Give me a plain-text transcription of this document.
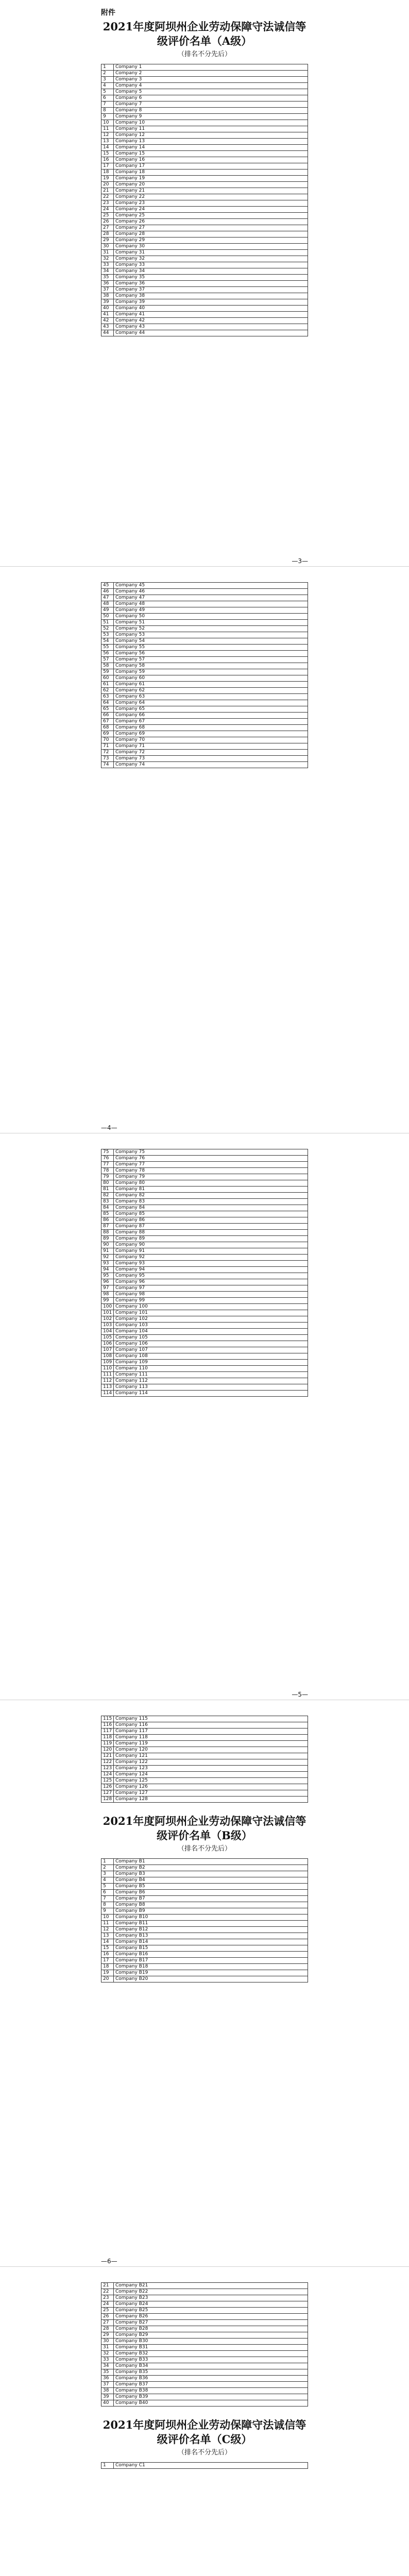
附件
2021年度阿坝州企业劳动保障守法诚信等级评价名单（A级）
（排名不分先后）
1	Company 1
2	Company 2
3	Company 3
4	Company 4
5	Company 5
6	Company 6
7	Company 7
8	Company 8
9	Company 9
10	Company 10
11	Company 11
12	Company 12
13	Company 13
14	Company 14
15	Company 15
16	Company 16
17	Company 17
18	Company 18
19	Company 19
20	Company 20
21	Company 21
22	Company 22
23	Company 23
24	Company 24
25	Company 25
26	Company 26
27	Company 27
28	Company 28
29	Company 29
30	Company 30
31	Company 31
32	Company 32
33	Company 33
34	Company 34
35	Company 35
36	Company 36
37	Company 37
38	Company 38
39	Company 39
40	Company 40
41	Company 41
42	Company 42
43	Company 43
44	Company 44
—3—
45	Company 45
46	Company 46
47	Company 47
48	Company 48
49	Company 49
50	Company 50
51	Company 51
52	Company 52
53	Company 53
54	Company 54
55	Company 55
56	Company 56
57	Company 57
58	Company 58
59	Company 59
60	Company 60
61	Company 61
62	Company 62
63	Company 63
64	Company 64
65	Company 65
66	Company 66
67	Company 67
68	Company 68
69	Company 69
70	Company 70
71	Company 71
72	Company 72
73	Company 73
74	Company 74
—4—
75	Company 75
76	Company 76
77	Company 77
78	Company 78
79	Company 79
80	Company 80
81	Company 81
82	Company 82
83	Company 83
84	Company 84
85	Company 85
86	Company 86
87	Company 87
88	Company 88
89	Company 89
90	Company 90
91	Company 91
92	Company 92
93	Company 93
94	Company 94
95	Company 95
96	Company 96
97	Company 97
98	Company 98
99	Company 99
100	Company 100
101	Company 101
102	Company 102
103	Company 103
104	Company 104
105	Company 105
106	Company 106
107	Company 107
108	Company 108
109	Company 109
110	Company 110
111	Company 111
112	Company 112
113	Company 113
114	Company 114
—5—
115	Company 115
116	Company 116
117	Company 117
118	Company 118
119	Company 119
120	Company 120
121	Company 121
122	Company 122
123	Company 123
124	Company 124
125	Company 125
126	Company 126
127	Company 127
128	Company 128
2021年度阿坝州企业劳动保障守法诚信等级评价名单（B级）
（排名不分先后）
1	Company B1
2	Company B2
3	Company B3
4	Company B4
5	Company B5
6	Company B6
7	Company B7
8	Company B8
9	Company B9
10	Company B10
11	Company B11
12	Company B12
13	Company B13
14	Company B14
15	Company B15
16	Company B16
17	Company B17
18	Company B18
19	Company B19
20	Company B20
—6—
21	Company B21
22	Company B22
23	Company B23
24	Company B24
25	Company B25
26	Company B26
27	Company B27
28	Company B28
29	Company B29
30	Company B30
31	Company B31
32	Company B32
33	Company B33
34	Company B34
35	Company B35
36	Company B36
37	Company B37
38	Company B38
39	Company B39
40	Company B40
2021年度阿坝州企业劳动保障守法诚信等级评价名单（C级）
（排名不分先后）
1	Company C1
